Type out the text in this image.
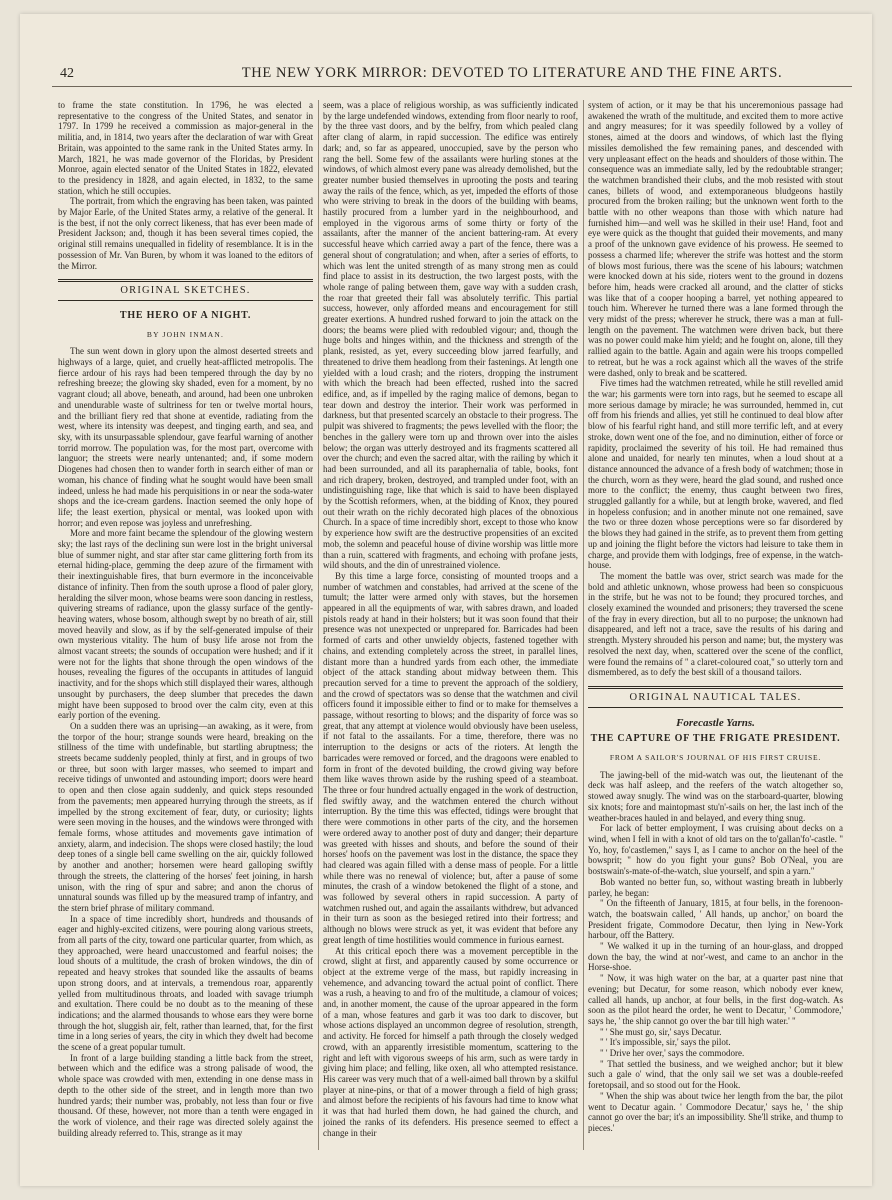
42	THE NEW YORK MIRROR: DEVOTED TO LITERATURE AND THE FINE ARTS.

to frame the state constitution. In 1796, he was elected a representative to the congress of the United States, and senator in 1797. In 1799 he received a commission as major-general in the militia, and, in 1814, two years after the declaration of war with Great Britain, was appointed to the same rank in the United States army. In March, 1821, he was made governor of the Floridas, by President Monroe, again elected senator of the United States in 1822, elevated to the presidency in 1828, and again elected, in 1832, to the same station, which he still occupies.

The portrait, from which the engraving has been taken, was painted by Major Earle, of the United States army, a relative of the general. It is the best, if not the only correct likeness, that has ever been made of President Jackson; and, though it has been several times copied, the original still remains unequalled in fidelity of resemblance. It is in the possession of Mr. Van Buren, by whom it was loaned to the editors of the Mirror.

ORIGINAL SKETCHES.
THE HERO OF A NIGHT.
BY JOHN INMAN.

The sun went down in glory upon the almost deserted streets and highways of a large, quiet, and cruelly heat-afflicted metropolis. The fierce ardour of his rays had been tempered through the day by no refreshing breeze; the glowing sky shaded, even for a moment, by no vagrant cloud; all above, beneath, and around, had been one unbroken and unendurable waste of sultriness for ten or twelve mortal hours, and the brilliant fiery red that shone at eventide, radiating from the west, where its intensity was deepest, and tinging earth, and sea, and sky, with its unsurpassable splendour, gave fearful warning of another torrid morrow. The population was, for the most part, overcome with languor; the streets were nearly untenanted; and, if some modern Diogenes had chosen then to wander forth in search either of man or woman, his chance of finding what he sought would have been small indeed, unless he had made his perquisitions in or near the soda-water shops and the ice-cream gardens. Inaction seemed the only hope of life; the least exertion, physical or mental, was looked upon with horror; and even repose was joyless and unrefreshing.

More and more faint became the splendour of the glowing western sky; the last rays of the declining sun were lost in the bright universal blue of summer night, and star after star came glittering forth from its eternal hiding-place, gemming the deep azure of the firmament with their inextinguishable fires, that burn evermore in the inconceivable distance of infinity. Then from the south uprose a flood of paler glory, heralding the silver moon, whose beams were soon dancing in restless, quivering streams of radiance, upon the glassy surface of the gently-heaving waters, whose bosom, although swept by no breath of air, still moved heavily and slow, as if by the self-generated impulse of their own mysterious vitality. The hum of busy life arose not from the almost vacant streets; the sounds of occupation were hushed; and if it were not for the lights that shone through the open windows of the houses, revealing the figures of the occupants in attitudes of languid inactivity, and for the shops which still displayed their wares, although unsought by purchasers, the deep slumber that precedes the dawn might have been supposed to brood over the calm city, even at this early portion of the evening.

On a sudden there was an uprising—an awaking, as it were, from the torpor of the hour; strange sounds were heard, breaking on the stillness of the time with undefinable, but startling abruptness; the streets became suddenly peopled, thinly at first, and in groups of two or three, but soon with larger masses, who seemed to impart and receive tidings of unwonted and astounding import; doors were heard to open and then close again suddenly, and quick steps resounded from the pavements; men appeared hurrying through the streets, as if impelled by the strong excitement of fear, duty, or curiosity; lights were seen moving in the houses, and the windows were thronged with female forms, whose attitudes and movements gave intimation of anxiety, alarm, and indecision. The shops were closed hastily; the loud deep tones of a single bell came swelling on the air, quickly followed by another and another; horsemen were heard galloping swiftly through the streets, the clattering of the horses' feet joining, in harsh unison, with the ring of spur and sabre; and anon the chorus of unnatural sounds was filled up by the measured tramp of infantry, and the stern brief phrase of military command.

In a space of time incredibly short, hundreds and thousands of eager and highly-excited citizens, were pouring along various streets, from all parts of the city, toward one particular quarter, from which, as they approached, were heard unaccustomed and fearful noises; the loud shouts of a multitude, the crash of broken windows, the din of repeated and heavy strokes that sounded like the assaults of beams upon strong doors, and at intervals, a tremendous roar, apparently yelled from multitudinous throats, and loaded with savage triumph and exultation. There could be no doubt as to the meaning of these indications; and the alarmed thousands to whose ears they were borne through the hot, sluggish air, felt, rather than learned, that, for the first time in a long series of years, the city in which they dwelt had become the scene of a great popular tumult.

In front of a large building standing a little back from the street, between which and the edifice was a strong palisade of wood, the whole space was crowded with men, extending in one dense mass in depth to the other side of the street, and in length more than two hundred yards; their number was, probably, not less than four or five thousand. Of these, however, not more than a tenth were engaged in the work of violence, and their rage was directed solely against the building already referred to. This, strange as it may

seem, was a place of religious worship, as was sufficiently indicated by the large undefended windows, extending from floor nearly to roof, by the three vast doors, and by the belfry, from which pealed clang after clang of alarm, in rapid succession. The edifice was entirely dark; and, so far as appeared, unoccupied, save by the person who rang the bell. Some few of the assailants were hurling stones at the windows, of which almost every pane was already demolished, but the greater number busied themselves in uprooting the posts and tearing away the rails of the fence, which, as yet, impeded the efforts of those who were striving to break in the doors of the building with beams, hastily procured from a lumber yard in the neighbourhood, and employed in the vigorous arms of some thirty or forty of the assailants, after the manner of the ancient battering-ram. At every successful heave which carried away a part of the fence, there was a general shout of congratulation; and when, after a series of efforts, to which was lent the united strength of as many strong men as could find place to assist in its destruction, the two largest posts, with the whole range of paling between them, gave way with a sudden crash, the roar that greeted their fall was absolutely terrific. This partial success, however, only afforded means and encouragement for still greater exertions. A hundred rushed forward to join the attack on the doors; the beams were plied with redoubled vigour; and, though the huge bolts and hinges within, and the thickness and strength of the plank, resisted, as yet, every succeeding blow jarred fearfully, and threatened to drive them headlong from their fastenings. At length one yielded with a loud crash; and the rioters, dropping the instrument with which the breach had been effected, rushed into the sacred edifice, and, as if impelled by the raging malice of demons, began to tear down and destroy the interior. Their work was performed in darkness, but that presented scarcely an obstacle to their progress. The pulpit was shivered to fragments; the pews levelled with the floor; the benches in the gallery were torn up and thrown over into the aisles below; the organ was utterly destroyed and its fragments scattered all over the church; and even the sacred altar, with the railing by which it had been surrounded, and all its paraphernalia of table, books, font and rich drapery, broken, destroyed, and trampled under foot, with an undistinguishing rage, like that which is said to have been displayed by the Scottish reformers, when, at the bidding of Knox, they poured out their wrath on the richly decorated high places of the obnoxious Church. In a space of time incredibly short, except to those who know by experience how swift are the destructive propensities of an excited mob, the solemn and peaceful house of divine worship was little more than a ruin, scattered with fragments, and echoing with profane jests, wild shouts, and the din of unrestrained violence.

By this time a large force, consisting of mounted troops and a number of watchmen and constables, had arrived at the scene of the tumult; the latter were armed only with staves, but the horsemen appeared in all the equipments of war, with sabres drawn, and loaded pistols ready at hand in their holsters; but it was soon found that their presence was not unexpected or unprepared for. Barricades had been formed of carts and other unwieldy objects, fastened together with chains, and extending completely across the street, in parallel lines, distant more than a hundred yards from each other, the immediate object of the attack standing about midway between them. This precaution served for a time to prevent the approach of the soldiery, and the crowd of spectators was so dense that the watchmen and civil officers found it impossible either to find or to make for themselves a passage, without resorting to blows; and the disparity of force was so great, that any attempt at violence would obviously have been useless, if not fatal to the assailants. For a time, therefore, there was no interruption to the designs or acts of the rioters. At length the barricades were removed or forced, and the dragoons were enabled to form in front of the devoted building, the crowd giving way before them like waves thrown aside by the rushing speed of a steamboat. The three or four hundred actually engaged in the work of destruction, fled swiftly away, and the watchmen entered the church without interruption. By the time this was effected, tidings were brought that there were commotions in other parts of the city, and the horsemen were ordered away to another post of duty and danger; their departure was greeted with hisses and shouts, and before the sound of their horses' hoofs on the pavement was lost in the distance, the space they had cleared was again filled with a dense mass of people. For a little while there was no renewal of violence; but, after a pause of some minutes, the crash of a window betokened the flight of a stone, and was followed by several others in rapid succession. A party of watchmen rushed out, and again the assailants withdrew, but advanced in their turn as soon as the besieged retired into their fortress; and although no blows were struck as yet, it was evident that before any great length of time hostilities would commence in furious earnest.

At this critical epoch there was a movement perceptible in the crowd, slight at first, and apparently caused by some occurrence or object at the extreme verge of the mass, but rapidly increasing in vehemence, and advancing toward the actual point of conflict. There was a rush, a heaving to and fro of the multitude, a clamour of voices; and, in another moment, the cause of the uproar appeared in the form of a man, whose features and garb it was too dark to discover, but whose actions displayed an uncommon degree of resolution, strength, and activity. He forced for himself a path through the closely wedged crowd, with an apparently irresistible momentum, scattering to the right and left with vigorous sweeps of his arm, such as were tardy in giving him place; and felling, like oxen, all who attempted resistance. His career was very much that of a well-aimed ball thrown by a skilful player at nine-pins, or that of a mower through a field of high grass; and almost before the recipients of his favours had time to know what it was that had hurled them down, he had gained the church, and joined the ranks of its defenders. His presence seemed to effect a change in their

system of action, or it may be that his unceremonious passage had awakened the wrath of the multitude, and excited them to more active and angry measures; for it was speedily followed by a volley of stones, aimed at the doors and windows, of which last the flying missiles demolished the few remaining panes, and descended with very unpleasant effect on the heads and shoulders of those within. The consequence was an immediate sally, led by the redoubtable stranger; the watchmen brandished their clubs, and the mob resisted with stout canes, billets of wood, and extemporaneous bludgeons hastily procured from the broken railing; but the unknown went forth to the battle with no other weapons than those with which nature had furnished him—and well was he skilled in their use! Hand, foot and eye were quick as the thought that guided their movements, and many a proof of the unknown gave evidence of his prowess. He seemed to possess a charmed life; wherever the strife was hottest and the storm of blows most furious, there was the scene of his labours; watchmen were knocked down at his side, rioters went to the ground in dozens before him, heads were cracked all around, and the clatter of sticks was like that of a cooper hooping a barrel, yet nothing appeared to touch him. Wherever he turned there was a lane formed through the very midst of the press; wherever he struck, there was a man at full-length on the pavement. The watchmen were driven back, but there was no power could make him yield; and he fought on, alone, till they rallied again to the battle. Again and again were his troops compelled to retreat, but he was a rock against which all the waves of the strife were dashed, only to break and be scattered.

Five times had the watchmen retreated, while he still revelled amid the war; his garments were torn into rags, but he seemed to escape all more serious damage by miracle; he was surrounded, hemmed in, cut off from his friends and allies, yet still he continued to deal blow after blow of his fearful right hand, and still more terrific left, and at every stroke, down went one of the foe, and no diminution, either of force or rapidity, proclaimed the severity of his toil. He had remained thus alone and unaided, for nearly ten minutes, when a loud shout at a distance announced the advance of a fresh body of watchmen; those in the church, worn as they were, heard the glad sound, and rushed once more to the conflict; the enemy, thus caught between two fires, struggled gallantly for a while, but at length broke, wavered, and fled in hopeless confusion; and in another minute not one remained, save the two or three dozen whose perceptions were so far disordered by the blows they had gained in the strife, as to prevent them from getting up and joining the flight before the victors had leisure to take them in charge, and provide them with lodgings, free of expense, in the watch-house.

The moment the battle was over, strict search was made for the bold and athletic unknown, whose prowess had been so conspicuous in the strife, but he was not to be found; they procured torches, and closely examined the wounded and prisoners; they traversed the scene of the fray in every direction, but all to no purpose; the unknown had disappeared, and left not a trace, save the results of his daring and strength. Mystery shrouded his person and name; but, the mystery was resolved the next day, when, scattered over the scene of the conflict, were found the remains of " a claret-coloured coat," so utterly torn and dismembered, as to defy the best skill of a thousand tailors.

ORIGINAL NAUTICAL TALES.
Forecastle Yarns.
THE CAPTURE OF THE FRIGATE PRESIDENT.
FROM A SAILOR'S JOURNAL OF HIS FIRST CRUISE.

The jawing-bell of the mid-watch was out, the lieutenant of the deck was half asleep, and the reefers of the watch altogether so, stowed away snugly. The wind was on the starboard-quarter, blowing six knots; fore and maintopmast stu'n'-sails on her, the last inch of the weather-braces hauled in and belayed, and every thing snug.

For lack of better employment, I was cruising about decks on a wind, when I fell in with a knot of old tars on the to'gallan'fo'-castle. " Yo, hoy, fo'castlemen," says I, as I came to anchor on the heel of the bowsprit; " how do you fight your guns? Bob O'Neal, you are bostswain's-mate-of-the-watch, slue yourself, and spin a yarn."

Bob wanted no better fun, so, without wasting breath in lubberly parley, he began:

" On the fifteenth of January, 1815, at four bells, in the forenoon-watch, the boatswain called, ' All hands, up anchor,' on board the President frigate, Commodore Decatur, then lying in New-York harbour, off the Battery.

" We walked it up in the turning of an hour-glass, and dropped down the bay, the wind at nor'-west, and came to an anchor in the Horse-shoe.

" Now, it was high water on the bar, at a quarter past nine that evening; but Decatur, for some reason, which nobody ever knew, called all hands, up anchor, at four bells, in the first dog-watch. As soon as the pilot heard the order, he went to Decatur, ' Commodore,' says he, ' the ship cannot go over the bar till high water.' "

" ' She must go, sir,' says Decatur.

" ' It's impossible, sir,' says the pilot.

" ' Drive her over,' says the commodore.

" That settled the business, and we weighed anchor; but it blew such a gale o' wind, that the only sail we set was a double-reefed foretopsail, and so stood out for the Hook.

" When the ship was about twice her length from the bar, the pilot went to Decatur again. ' Commodore Decatur,' says he, ' the ship cannot go over the bar; it's an impossibility. She'll strike, and thump to pieces.'
